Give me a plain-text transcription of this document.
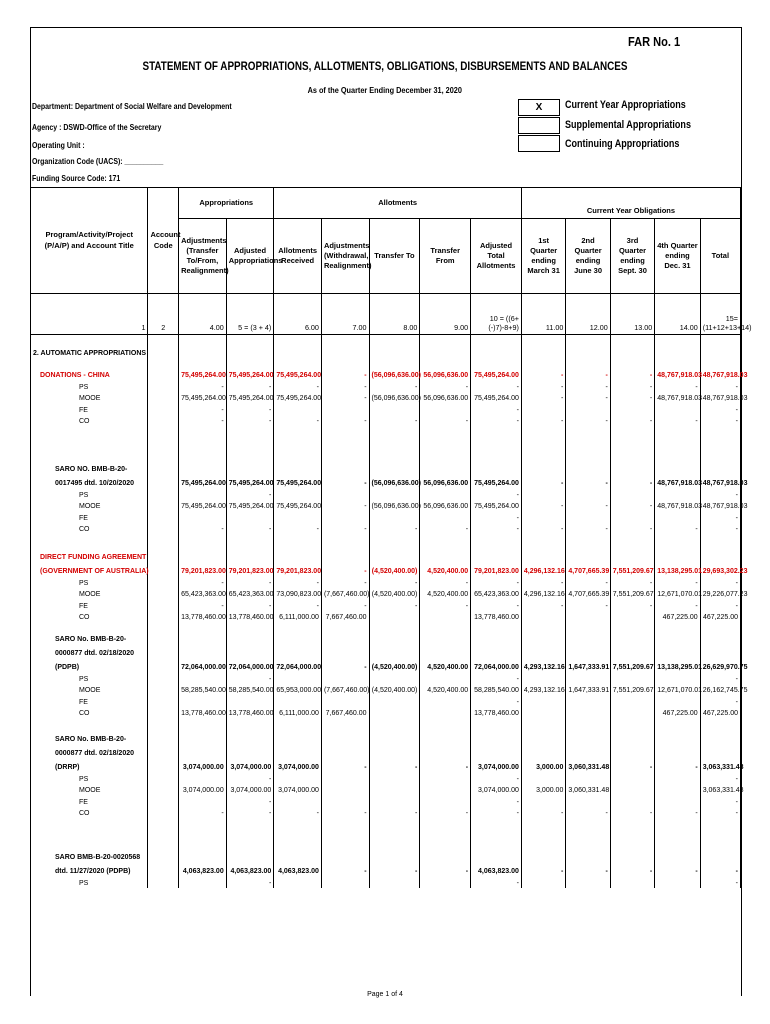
FAR No. 1
STATEMENT OF APPROPRIATIONS, ALLOTMENTS, OBLIGATIONS, DISBURSEMENTS AND BALANCES
As of the Quarter Ending December 31, 2020
Department: Department of Social Welfare and Development
Agency : DSWD-Office of the Secretary
Operating Unit :
Organization Code (UACS): __________
Funding Source Code: 171
X	Current Year Appropriations
Supplemental Appropriations
Continuing Appropriations
Program/Activity/Project (P/A/P) and Account Title	Account Code	Appropriations		Allotments					Current Year Obligations				
		Adjustments (Transfer To/From, Realignment)	Adjusted Appropriations	Allotments Received	Adjustments (Withdrawal, Realignment)	Transfer To	Transfer From	Adjusted Total Allotments	1st Quarter ending March 31	2nd Quarter ending June 30	3rd Quarter ending Sept. 30	4th Quarter ending Dec. 31	Total
1	2	4.00	5 = (3 + 4)	6.00	7.00	8.00	9.00	10 = ((6+(-)7)-8+9)	11.00	12.00	13.00	14.00	15=(11+12+13+14)
2. AUTOMATIC APPROPRIATIONS													

DONATIONS - CHINA		75,495,264.00	75,495,264.00	75,495,264.00	-	(56,096,636.00)	56,096,636.00	75,495,264.00	-	-	-	48,767,918.03	48,767,918.03
PS		-	-	-	-	-	-	-	-	-	-	-	-
MOOE		75,495,264.00	75,495,264.00	75,495,264.00	-	(56,096,636.00)	56,096,636.00	75,495,264.00	-	-	-	48,767,918.03	48,767,918.03
FE		-	-					-					-
CO		-	-	-	-	-	-	-	-	-	-	-	-

SARO NO. BMB-B-20-													
0017495 dtd. 10/20/2020		75,495,264.00	75,495,264.00	75,495,264.00	-	(56,096,636.00)	56,096,636.00	75,495,264.00	-	-	-	48,767,918.03	48,767,918.03
PS			-					-					-
MOOE		75,495,264.00	75,495,264.00	75,495,264.00	-	(56,096,636.00)	56,096,636.00	75,495,264.00	-	-	-	48,767,918.03	48,767,918.03
FE								-					-
CO		-	-	-	-	-	-	-	-	-	-	-	-

DIRECT FUNDING AGREEMENT													
(GOVERNMENT OF AUSTRALIA)		79,201,823.00	79,201,823.00	79,201,823.00	-	(4,520,400.00)	4,520,400.00	79,201,823.00	4,296,132.16	4,707,665.39	7,551,209.67	13,138,295.01	29,693,302.23
PS		-	-	-	-	-	-	-	-	-	-	-	-
MOOE		65,423,363.00	65,423,363.00	73,090,823.00	(7,667,460.00)	(4,520,400.00)	4,520,400.00	65,423,363.00	4,296,132.16	4,707,665.39	7,551,209.67	12,671,070.01	29,226,077.23
FE		-	-	-	-	-	-	-	-	-	-	-	-
CO		13,778,460.00	13,778,460.00	6,111,000.00	7,667,460.00			13,778,460.00				467,225.00	467,225.00

SARO No. BMB-B-20-													
0000877 dtd. 02/18/2020													
(PDPB)		72,064,000.00	72,064,000.00	72,064,000.00	-	(4,520,400.00)	4,520,400.00	72,064,000.00	4,293,132.16	1,647,333.91	7,551,209.67	13,138,295.01	26,629,970.75
PS			-					-					-
MOOE		58,285,540.00	58,285,540.00	65,953,000.00	(7,667,460.00)	(4,520,400.00)	4,520,400.00	58,285,540.00	4,293,132.16	1,647,333.91	7,551,209.67	12,671,070.01	26,162,745.75
FE								-					-
CO		13,778,460.00	13,778,460.00	6,111,000.00	7,667,460.00			13,778,460.00				467,225.00	467,225.00

SARO No. BMB-B-20-													
0000877 dtd. 02/18/2020													
(DRRP)		3,074,000.00	3,074,000.00	3,074,000.00	-	-	-	3,074,000.00	3,000.00	3,060,331.48	-	-	3,063,331.48
PS			-					-					-
MOOE		3,074,000.00	3,074,000.00	3,074,000.00				3,074,000.00	3,000.00	3,060,331.48			3,063,331.48
FE			-					-					-
CO		-	-	-	-	-	-	-	-	-	-	-	-

SARO BMB-B-20-0020568													
dtd. 11/27/2020 (PDPB)		4,063,823.00	4,063,823.00	4,063,823.00	-	-	-	4,063,823.00	-	-	-	-	-
PS			-					-					-
Page 1 of 4
